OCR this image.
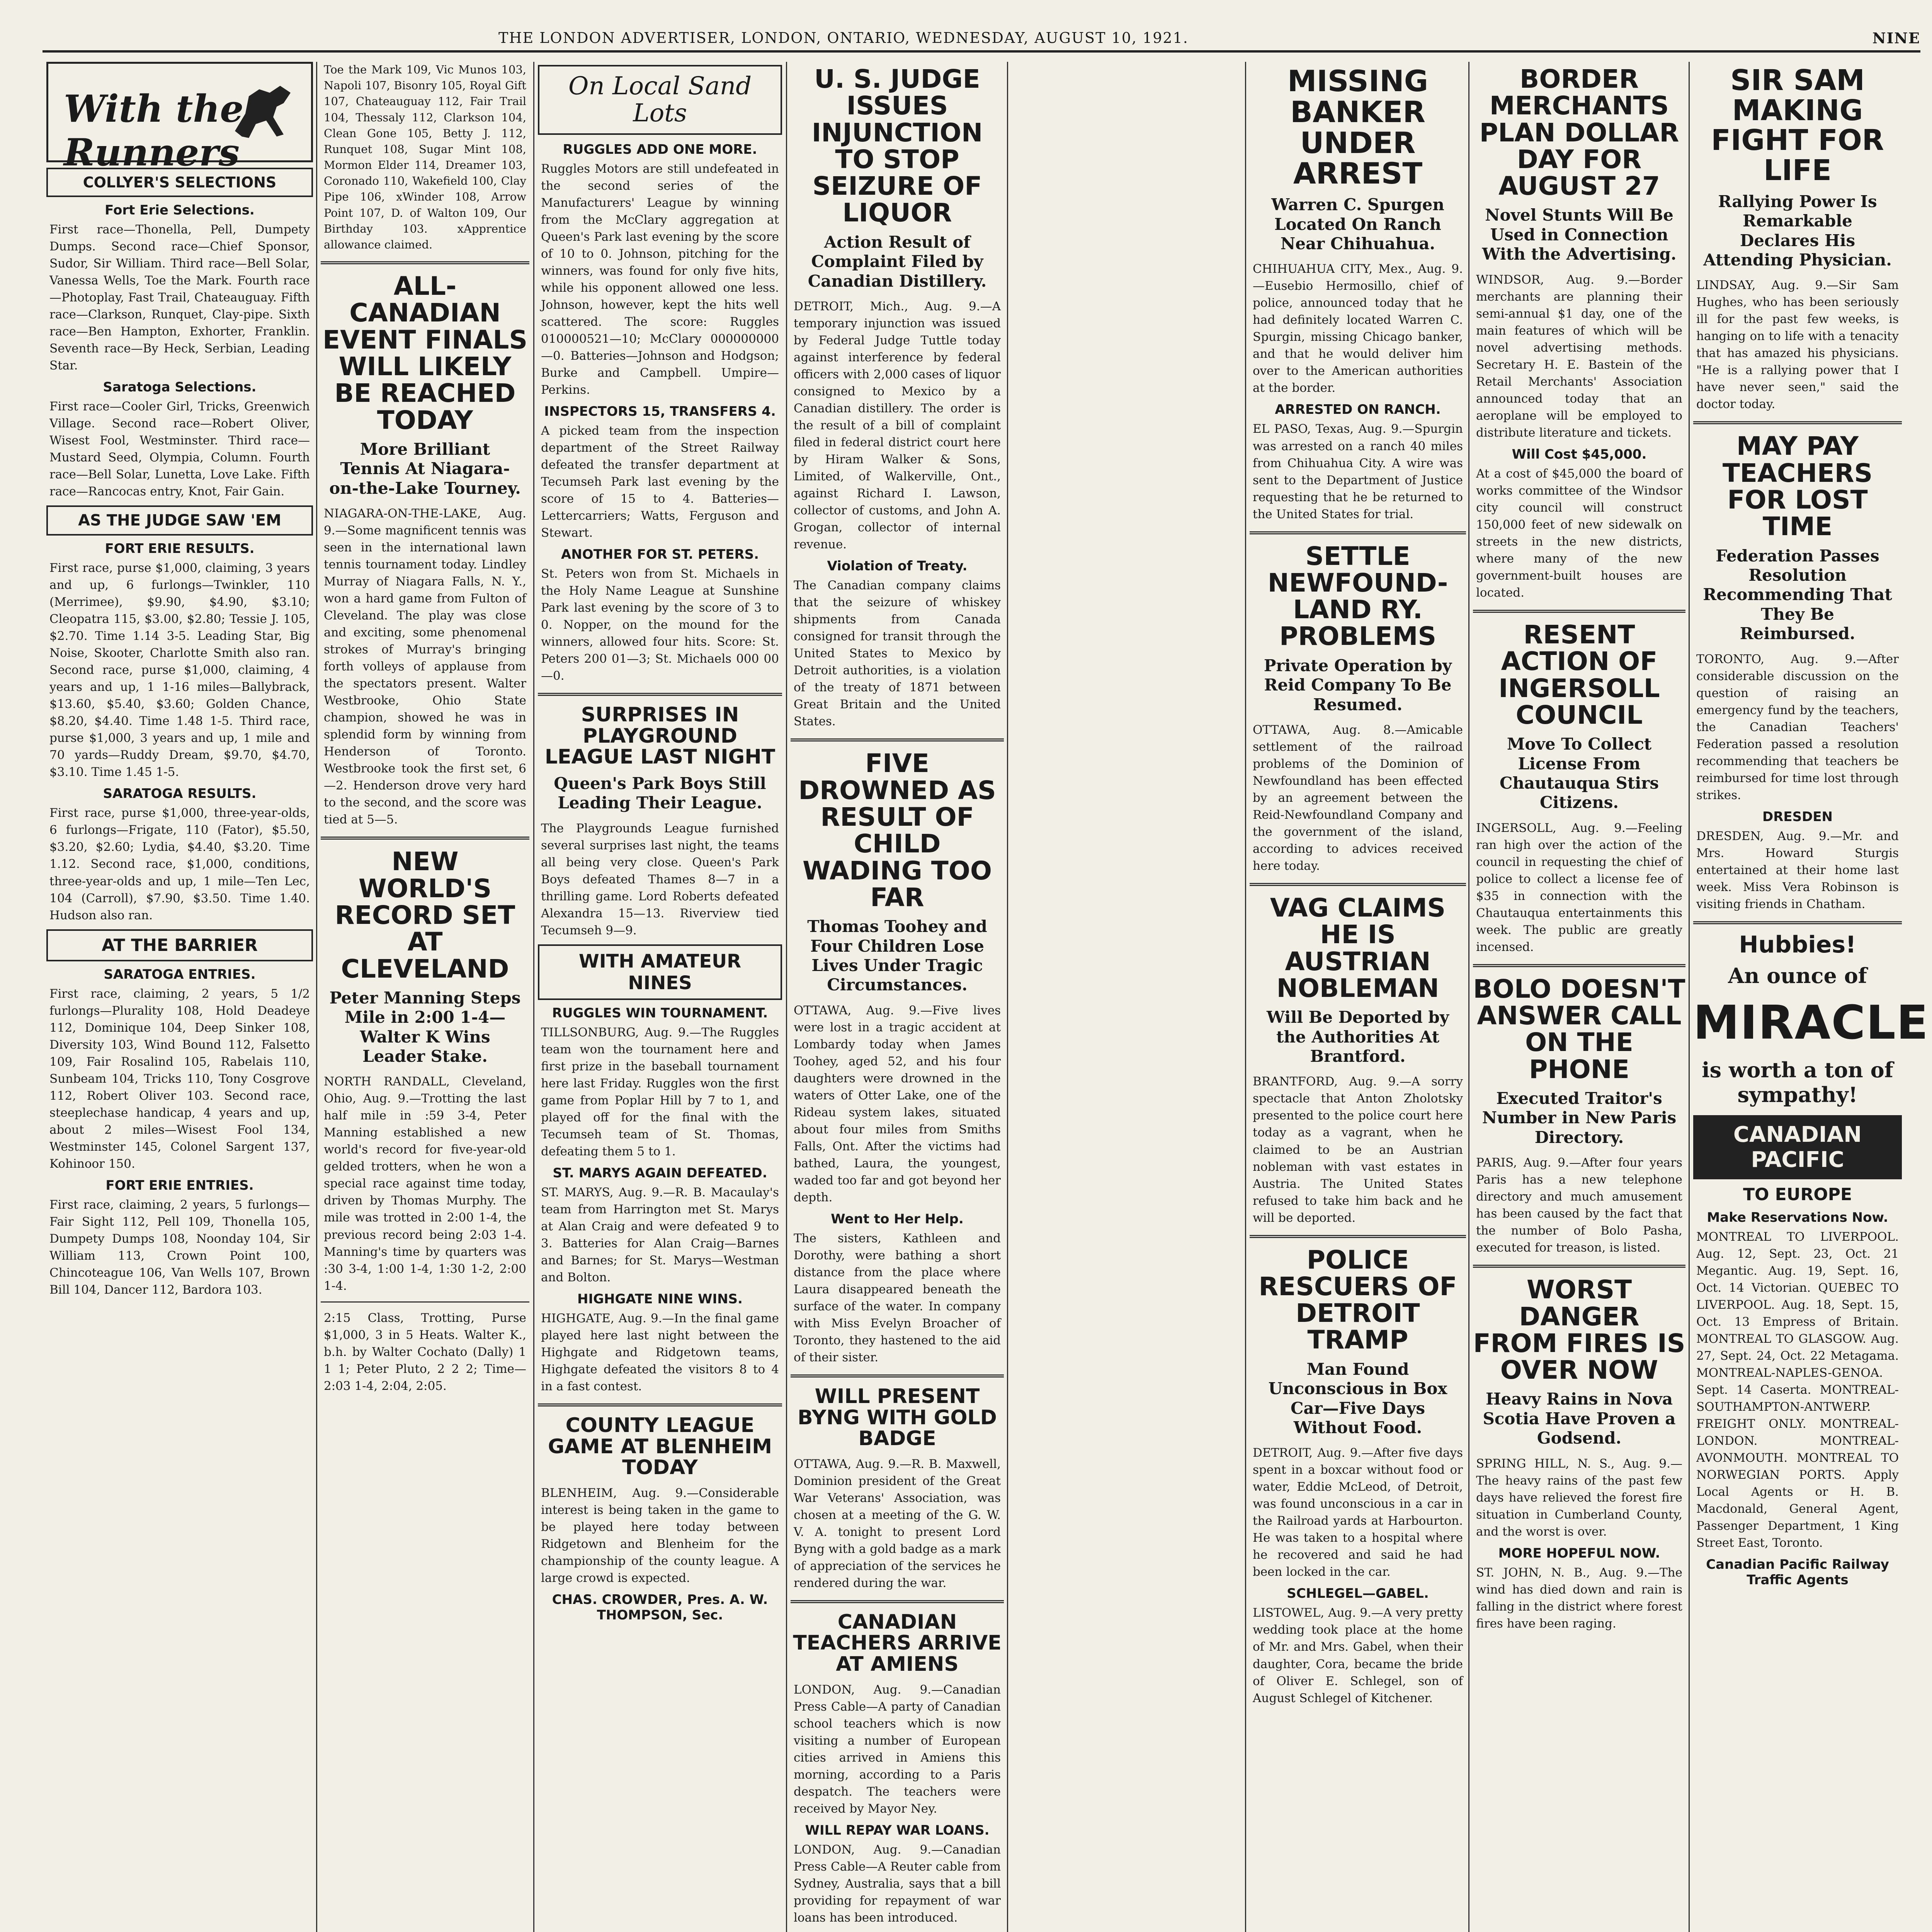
THE LONDON ADVERTISER, LONDON, ONTARIO, WEDNESDAY, AUGUST 10, 1921.	NINE
With the Runners
COLLYER'S SELECTIONS
Fort Erie Selections.
First race—Thonella, Pell, Dumpety Dumps. Second race—Chief Sponsor, Sudor, Sir William. Third race—Bell Solar, Vanessa Wells, Toe the Mark. Fourth race—Photoplay, Fast Trail, Chateauguay. Fifth race—Clarkson, Runquet, Clay-pipe. Sixth race—Ben Hampton, Exhorter, Franklin. Seventh race—By Heck, Serbian, Leading Star.
Saratoga Selections.
First race—Cooler Girl, Tricks, Greenwich Village. Second race—Robert Oliver, Wisest Fool, Westminster. Third race—Mustard Seed, Olympia, Column. Fourth race—Bell Solar, Lunetta, Love Lake. Fifth race—Rancocas entry, Knot, Fair Gain.
AS THE JUDGE SAW 'EM
FORT ERIE RESULTS.
First race, purse $1,000, claiming, 3 years and up, 6 furlongs—Twinkler, 110 (Merrimee), $9.90, $4.90, $3.10; Cleopatra 115, $3.00, $2.80; Tessie J. 105, $2.70. Time 1.14 3-5. Leading Star, Big Noise, Skooter, Charlotte Smith also ran. Second race, purse $1,000, claiming, 4 years and up, 1 1-16 miles—Ballybrack, $13.60, $5.40, $3.60; Golden Chance, $8.20, $4.40. Time 1.48 1-5. Third race, purse $1,000, 3 years and up, 1 mile and 70 yards—Ruddy Dream, $9.70, $4.70, $3.10. Time 1.45 1-5.
SARATOGA RESULTS.
First race, purse $1,000, three-year-olds, 6 furlongs—Frigate, 110 (Fator), $5.50, $3.20, $2.60; Lydia, $4.40, $3.20. Time 1.12. Second race, $1,000, conditions, three-year-olds and up, 1 mile—Ten Lec, 104 (Carroll), $7.90, $3.50. Time 1.40. Hudson also ran.
AT THE BARRIER
SARATOGA ENTRIES.
First race, claiming, 2 years, 5 1/2 furlongs—Plurality 108, Hold Deadeye 112, Dominique 104, Deep Sinker 108, Diversity 103, Wind Bound 112, Falsetto 109, Fair Rosalind 105, Rabelais 110, Sunbeam 104, Tricks 110, Tony Cosgrove 112, Robert Oliver 103. Second race, steeplechase handicap, 4 years and up, about 2 miles—Wisest Fool 134, Westminster 145, Colonel Sargent 137, Kohinoor 150.
FORT ERIE ENTRIES.
First race, claiming, 2 years, 5 furlongs—Fair Sight 112, Pell 109, Thonella 105, Dumpety Dumps 108, Noonday 104, Sir William 113, Crown Point 100, Chincoteague 106, Van Wells 107, Brown Bill 104, Dancer 112, Bardora 103.
Toe the Mark 109, Vic Munos 103, Napoli 107, Bisonry 105, Royal Gift 107, Chateauguay 112, Fair Trail 104, Thessaly 112, Clarkson 104, Clean Gone 105, Betty J. 112, Runquet 108, Sugar Mint 108, Mormon Elder 114, Dreamer 103, Coronado 110, Wakefield 100, Clay Pipe 106, xWinder 108, Arrow Point 107, D. of Walton 109, Our Birthday 103. xApprentice allowance claimed.
ALL-CANADIAN EVENT FINALS WILL LIKELY BE REACHED TODAY
More Brilliant Tennis At Niagara-on-the-Lake Tourney.
NIAGARA-ON-THE-LAKE, Aug. 9.—Some magnificent tennis was seen in the international lawn tennis tournament today. Lindley Murray of Niagara Falls, N. Y., won a hard game from Fulton of Cleveland. The play was close and exciting, some phenomenal strokes of Murray's bringing forth volleys of applause from the spectators present. Walter Westbrooke, Ohio State champion, showed he was in splendid form by winning from Henderson of Toronto. Westbrooke took the first set, 6—2. Henderson drove very hard to the second, and the score was tied at 5—5.
NEW WORLD'S RECORD SET AT CLEVELAND
Peter Manning Steps Mile in 2:00 1-4—Walter K Wins Leader Stake.
NORTH RANDALL, Cleveland, Ohio, Aug. 9.—Trotting the last half mile in :59 3-4, Peter Manning established a new world's record for five-year-old gelded trotters, when he won a special race against time today, driven by Thomas Murphy. The mile was trotted in 2:00 1-4, the previous record being 2:03 1-4. Manning's time by quarters was :30 3-4, 1:00 1-4, 1:30 1-2, 2:00 1-4.
2:15 Class, Trotting, Purse $1,000, 3 in 5 Heats. Walter K., b.h. by Walter Cochato (Dally) 1 1 1; Peter Pluto, 2 2 2; Time—2:03 1-4, 2:04, 2:05.
On Local Sand Lots
RUGGLES ADD ONE MORE.
Ruggles Motors are still undefeated in the second series of the Manufacturers' League by winning from the McClary aggregation at Queen's Park last evening by the score of 10 to 0. Johnson, pitching for the winners, was found for only five hits, while his opponent allowed one less. Johnson, however, kept the hits well scattered. The score: Ruggles 010000521—10; McClary 000000000—0. Batteries—Johnson and Hodgson; Burke and Campbell. Umpire—Perkins.
INSPECTORS 15, TRANSFERS 4.
A picked team from the inspection department of the Street Railway defeated the transfer department at Tecumseh Park last evening by the score of 15 to 4. Batteries—Lettercarriers; Watts, Ferguson and Stewart.
ANOTHER FOR ST. PETERS.
St. Peters won from St. Michaels in the Holy Name League at Sunshine Park last evening by the score of 3 to 0. Nopper, on the mound for the winners, allowed four hits. Score: St. Peters 200 01—3; St. Michaels 000 00—0.
SURPRISES IN PLAYGROUND LEAGUE LAST NIGHT
Queen's Park Boys Still Leading Their League.
The Playgrounds League furnished several surprises last night, the teams all being very close. Queen's Park Boys defeated Thames 8—7 in a thrilling game. Lord Roberts defeated Alexandra 15—13. Riverview tied Tecumseh 9—9.
WITH AMATEUR NINES
RUGGLES WIN TOURNAMENT.
TILLSONBURG, Aug. 9.—The Ruggles team won the tournament here and first prize in the baseball tournament here last Friday. Ruggles won the first game from Poplar Hill by 7 to 1, and played off for the final with the Tecumseh team of St. Thomas, defeating them 5 to 1.
ST. MARYS AGAIN DEFEATED.
ST. MARYS, Aug. 9.—R. B. Macaulay's team from Harrington met St. Marys at Alan Craig and were defeated 9 to 3. Batteries for Alan Craig—Barnes and Barnes; for St. Marys—Westman and Bolton.
HIGHGATE NINE WINS.
HIGHGATE, Aug. 9.—In the final game played here last night between the Highgate and Ridgetown teams, Highgate defeated the visitors 8 to 4 in a fast contest.
COUNTY LEAGUE GAME AT BLENHEIM TODAY
BLENHEIM, Aug. 9.—Considerable interest is being taken in the game to be played here today between Ridgetown and Blenheim for the championship of the county league. A large crowd is expected.
CHAS. CROWDER, Pres. A. W. THOMPSON, Sec.
U. S. JUDGE ISSUES INJUNCTION TO STOP SEIZURE OF LIQUOR
Action Result of Complaint Filed by Canadian Distillery.
DETROIT, Mich., Aug. 9.—A temporary injunction was issued by Federal Judge Tuttle today against interference by federal officers with 2,000 cases of liquor consigned to Mexico by a Canadian distillery. The order is the result of a bill of complaint filed in federal district court here by Hiram Walker & Sons, Limited, of Walkerville, Ont., against Richard I. Lawson, collector of customs, and John A. Grogan, collector of internal revenue.
Violation of Treaty.
The Canadian company claims that the seizure of whiskey shipments from Canada consigned for transit through the United States to Mexico by Detroit authorities, is a violation of the treaty of 1871 between Great Britain and the United States.
FIVE DROWNED AS RESULT OF CHILD WADING TOO FAR
Thomas Toohey and Four Children Lose Lives Under Tragic Circumstances.
OTTAWA, Aug. 9.—Five lives were lost in a tragic accident at Lombardy today when James Toohey, aged 52, and his four daughters were drowned in the waters of Otter Lake, one of the Rideau system lakes, situated about four miles from Smiths Falls, Ont. After the victims had bathed, Laura, the youngest, waded too far and got beyond her depth.
Went to Her Help.
The sisters, Kathleen and Dorothy, were bathing a short distance from the place where Laura disappeared beneath the surface of the water. In company with Miss Evelyn Broacher of Toronto, they hastened to the aid of their sister.
WILL PRESENT BYNG WITH GOLD BADGE
OTTAWA, Aug. 9.—R. B. Maxwell, Dominion president of the Great War Veterans' Association, was chosen at a meeting of the G. W. V. A. tonight to present Lord Byng with a gold badge as a mark of appreciation of the services he rendered during the war.
CANADIAN TEACHERS ARRIVE AT AMIENS
LONDON, Aug. 9.—Canadian Press Cable—A party of Canadian school teachers which is now visiting a number of European cities arrived in Amiens this morning, according to a Paris despatch. The teachers were received by Mayor Ney.
WILL REPAY WAR LOANS.
LONDON, Aug. 9.—Canadian Press Cable—A Reuter cable from Sydney, Australia, says that a bill providing for repayment of war loans has been introduced.
MISSING BANKER UNDER ARREST
Warren C. Spurgen Located On Ranch Near Chihuahua.
CHIHUAHUA CITY, Mex., Aug. 9.—Eusebio Hermosillo, chief of police, announced today that he had definitely located Warren C. Spurgin, missing Chicago banker, and that he would deliver him over to the American authorities at the border.
ARRESTED ON RANCH.
EL PASO, Texas, Aug. 9.—Spurgin was arrested on a ranch 40 miles from Chihuahua City. A wire was sent to the Department of Justice requesting that he be returned to the United States for trial.
SETTLE NEWFOUND-LAND RY. PROBLEMS
Private Operation by Reid Company To Be Resumed.
OTTAWA, Aug. 8.—Amicable settlement of the railroad problems of the Dominion of Newfoundland has been effected by an agreement between the Reid-Newfoundland Company and the government of the island, according to advices received here today.
VAG CLAIMS HE IS AUSTRIAN NOBLEMAN
Will Be Deported by the Authorities At Brantford.
BRANTFORD, Aug. 9.—A sorry spectacle that Anton Zholotsky presented to the police court here today as a vagrant, when he claimed to be an Austrian nobleman with vast estates in Austria. The United States refused to take him back and he will be deported.
POLICE RESCUERS OF DETROIT TRAMP
Man Found Unconscious in Box Car—Five Days Without Food.
DETROIT, Aug. 9.—After five days spent in a boxcar without food or water, Eddie McLeod, of Detroit, was found unconscious in a car in the Railroad yards at Harbourton. He was taken to a hospital where he recovered and said he had been locked in the car.
SCHLEGEL—GABEL.
LISTOWEL, Aug. 9.—A very pretty wedding took place at the home of Mr. and Mrs. Gabel, when their daughter, Cora, became the bride of Oliver E. Schlegel, son of August Schlegel of Kitchener.
BORDER MERCHANTS PLAN DOLLAR DAY FOR AUGUST 27
Novel Stunts Will Be Used in Connection With the Advertising.
WINDSOR, Aug. 9.—Border merchants are planning their semi-annual $1 day, one of the main features of which will be novel advertising methods. Secretary H. E. Bastein of the Retail Merchants' Association announced today that an aeroplane will be employed to distribute literature and tickets.
Will Cost $45,000.
At a cost of $45,000 the board of works committee of the Windsor city council will construct 150,000 feet of new sidewalk on streets in the new districts, where many of the new government-built houses are located.
RESENT ACTION OF INGERSOLL COUNCIL
Move To Collect License From Chautauqua Stirs Citizens.
INGERSOLL, Aug. 9.—Feeling ran high over the action of the council in requesting the chief of police to collect a license fee of $35 in connection with the Chautauqua entertainments this week. The public are greatly incensed.
BOLO DOESN'T ANSWER CALL ON THE PHONE
Executed Traitor's Number in New Paris Directory.
PARIS, Aug. 9.—After four years Paris has a new telephone directory and much amusement has been caused by the fact that the number of Bolo Pasha, executed for treason, is listed.
WORST DANGER FROM FIRES IS OVER NOW
Heavy Rains in Nova Scotia Have Proven a Godsend.
SPRING HILL, N. S., Aug. 9.—The heavy rains of the past few days have relieved the forest fire situation in Cumberland County, and the worst is over.
MORE HOPEFUL NOW.
ST. JOHN, N. B., Aug. 9.—The wind has died down and rain is falling in the district where forest fires have been raging.
SIR SAM MAKING FIGHT FOR LIFE
Rallying Power Is Remarkable Declares His Attending Physician.
LINDSAY, Aug. 9.—Sir Sam Hughes, who has been seriously ill for the past few weeks, is hanging on to life with a tenacity that has amazed his physicians. "He is a rallying power that I have never seen," said the doctor today.
MAY PAY TEACHERS FOR LOST TIME
Federation Passes Resolution Recommending That They Be Reimbursed.
TORONTO, Aug. 9.—After considerable discussion on the question of raising an emergency fund by the teachers, the Canadian Teachers' Federation passed a resolution recommending that teachers be reimbursed for time lost through strikes.
DRESDEN
DRESDEN, Aug. 9.—Mr. and Mrs. Howard Sturgis entertained at their home last week. Miss Vera Robinson is visiting friends in Chatham.
Hubbies!
An ounce of
MIRACLE
is worth a ton of sympathy!
CANADIAN PACIFIC
TO EUROPE
Make Reservations Now.
MONTREAL TO LIVERPOOL. Aug. 12, Sept. 23, Oct. 21 Megantic. Aug. 19, Sept. 16, Oct. 14 Victorian. QUEBEC TO LIVERPOOL. Aug. 18, Sept. 15, Oct. 13 Empress of Britain. MONTREAL TO GLASGOW. Aug. 27, Sept. 24, Oct. 22 Metagama. MONTREAL-NAPLES-GENOA. Sept. 14 Caserta. MONTREAL-SOUTHAMPTON-ANTWERP. FREIGHT ONLY. MONTREAL-LONDON. MONTREAL-AVONMOUTH. MONTREAL TO NORWEGIAN PORTS. Apply Local Agents or H. B. Macdonald, General Agent, Passenger Department, 1 King Street East, Toronto.
Canadian Pacific Railway Traffic Agents
